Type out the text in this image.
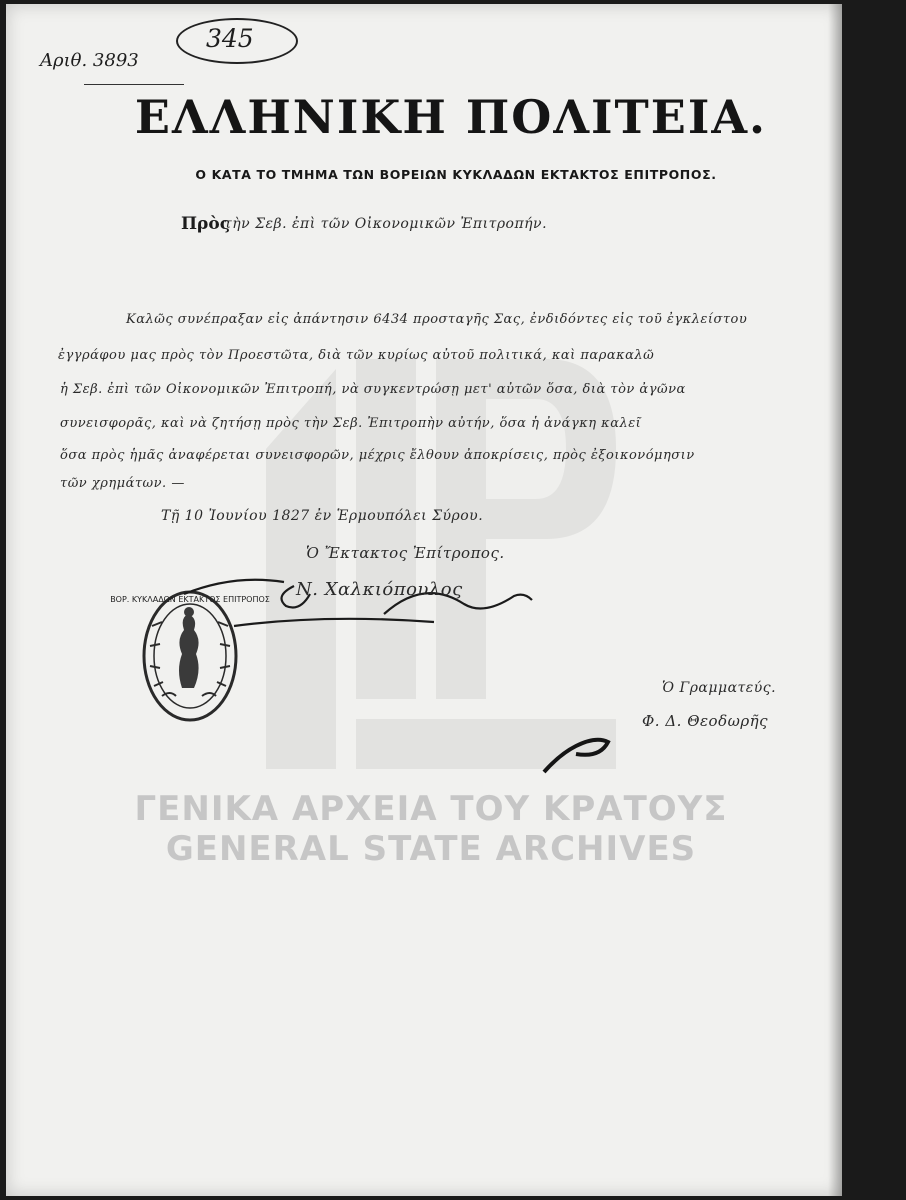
345
Αριθ. 3893
ΕΛΛΗΝΙΚΗ ΠΟΛΙΤΕΙΑ.
Ο ΚΑΤΑ ΤΟ ΤΜΗΜΑ ΤΩΝ ΒΟΡΕΙΩΝ ΚΥΚΛΑΔΩΝ ΕΚΤΑΚΤΟΣ ΕΠΙΤΡΟΠΟΣ.
Πρὸς
τὴν Σεβ. ἐπὶ τῶν Οἰκονομικῶν Ἐπιτροπήν.
Καλῶς συνέπραξαν εἰς ἀπάντησιν 6434 προσταγῆς Σας, ἐνδιδόντες εἰς τοῦ ἐγκλείστου
ἐγγράφου μας πρὸς τὸν Προεστῶτα, διὰ τῶν κυρίως αὐτοῦ πολιτικά, καὶ παρακαλῶ
ἡ Σεβ. ἐπὶ τῶν Οἰκονομικῶν Ἐπιτροπή, νὰ συγκεντρώσῃ μετ' αὐτῶν ὅσα, διὰ τὸν ἀγῶνα
συνεισφορᾶς, καὶ νὰ ζητήσῃ πρὸς τὴν Σεβ. Ἐπιτροπὴν αὐτήν, ὅσα ἡ ἀνάγκη καλεῖ
ὅσα πρὸς ἡμᾶς ἀναφέρεται συνεισφορῶν, μέχρις ἔλθουν ἀποκρίσεις, πρὸς ἐξοικονόμησιν
τῶν χρημάτων. —
Τῇ 10 Ἰουνίου 1827 ἐν Ἑρμουπόλει Σύρου.
Ὁ Ἔκτακτος Ἐπίτροπος.
ΒΟΡ. ΚΥΚΛΑΔΩΝ ΕΚΤΑΚΤΟΣ ΕΠΙΤΡΟΠΟΣ Ν. Χαλκιόπουλος
Ὁ Γραμματεύς.
Φ. Δ. Θεοδωρῆς
ΓΕΝΙΚΑ ΑΡΧΕΙΑ ΤΟΥ ΚΡΑΤΟΥΣ
GENERAL STATE ARCHIVES
